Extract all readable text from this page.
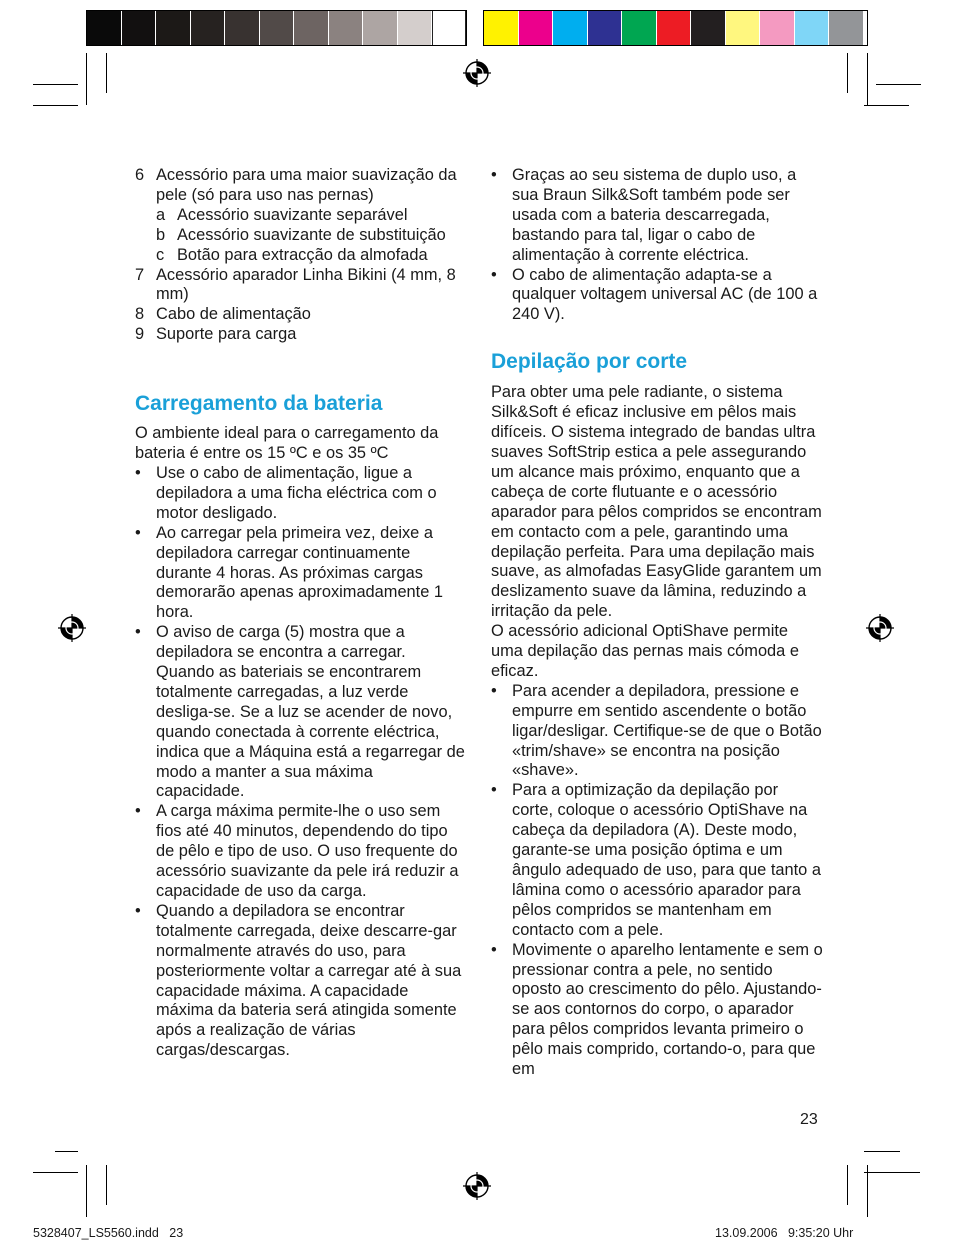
6 Acessório para uma maior suavização da pele (só para uso nas pernas)
a Acessório suavizante separável
b Acessório suavizante de substituição
c Botão para extracção da almofada
7 Acessório aparador Linha Bikini (4 mm, 8 mm)
8 Cabo de alimentação
9 Suporte para carga
Carregamento da bateria

O ambiente ideal para o carregamento da bateria é entre os 15 ºC e os 35 ºC

• Use o cabo de alimentação, ligue a depiladora a uma ficha eléctrica com o motor desligado.
• Ao carregar pela primeira vez, deixe a depiladora carregar continuamente durante 4 horas. As próximas cargas demorarão apenas aproximadamente 1 hora.
• O aviso de carga (5) mostra que a depiladora se encontra a carregar. Quando as bateriais se encontrarem totalmente carregadas, a luz verde desliga-se. Se a luz se acender de novo, quando conectada à corrente eléctrica, indica que a Máquina está a regarregar de modo a manter a sua máxima capacidade.
• A carga máxima permite-lhe o uso sem fios até 40 minutos, dependendo do tipo de pêlo e tipo de uso. O uso frequente do acessório suavizante da pele irá reduzir a capacidade de uso da carga.
• Quando a depiladora se encontrar totalmente carregada, deixe descarre-gar normalmente através do uso, para posteriormente voltar a carregar até à sua capacidade máxima. A capacidade máxima da bateria será atingida somente após a realização de várias cargas/descargas.
• Graças ao seu sistema de duplo uso, a sua Braun Silk&Soft também pode ser usada com a bateria descarregada, bastando para tal, ligar o cabo de alimentação à corrente eléctrica.
• O cabo de alimentação adapta-se a qualquer voltagem universal AC (de 100 a 240 V).
Depilação por corte

Para obter uma pele radiante, o sistema Silk&Soft é eficaz inclusive em pêlos mais difíceis. O sistema integrado de bandas ultra suaves SoftStrip estica a pele assegurando um alcance mais próximo, enquanto que a cabeça de corte flutuante e o acessório aparador para pêlos compridos se encontram em contacto com a pele, garantindo uma depilação perfeita. Para uma depilação mais suave, as almofadas EasyGlide garantem um deslizamento suave da lâmina, reduzindo a irritação da pele.

O acessório adicional OptiShave permite uma depilação das pernas mais cómoda e eficaz.

• Para acender a depiladora, pressione e empurre em sentido ascendente o botão ligar/desligar. Certifique-se de que o Botão «trim/shave» se encontra na posição «shave».
• Para a optimização da depilação por corte, coloque o acessório OptiShave na cabeça da depiladora (A). Deste modo, garante-se uma posição óptima e um ângulo adequado de uso, para que tanto a lâmina como o acessório aparador para pêlos compridos se mantenham em contacto com a pele.
• Movimente o aparelho lentamente e sem o pressionar contra a pele, no sentido oposto ao crescimento do pêlo. Ajustando-se aos contornos do corpo, o aparador para pêlos compridos levanta primeiro o pêlo mais comprido, cortando-o, para que em
23
5328407_LS5560.indd   23	13.09.2006   9:35:20 Uhr
